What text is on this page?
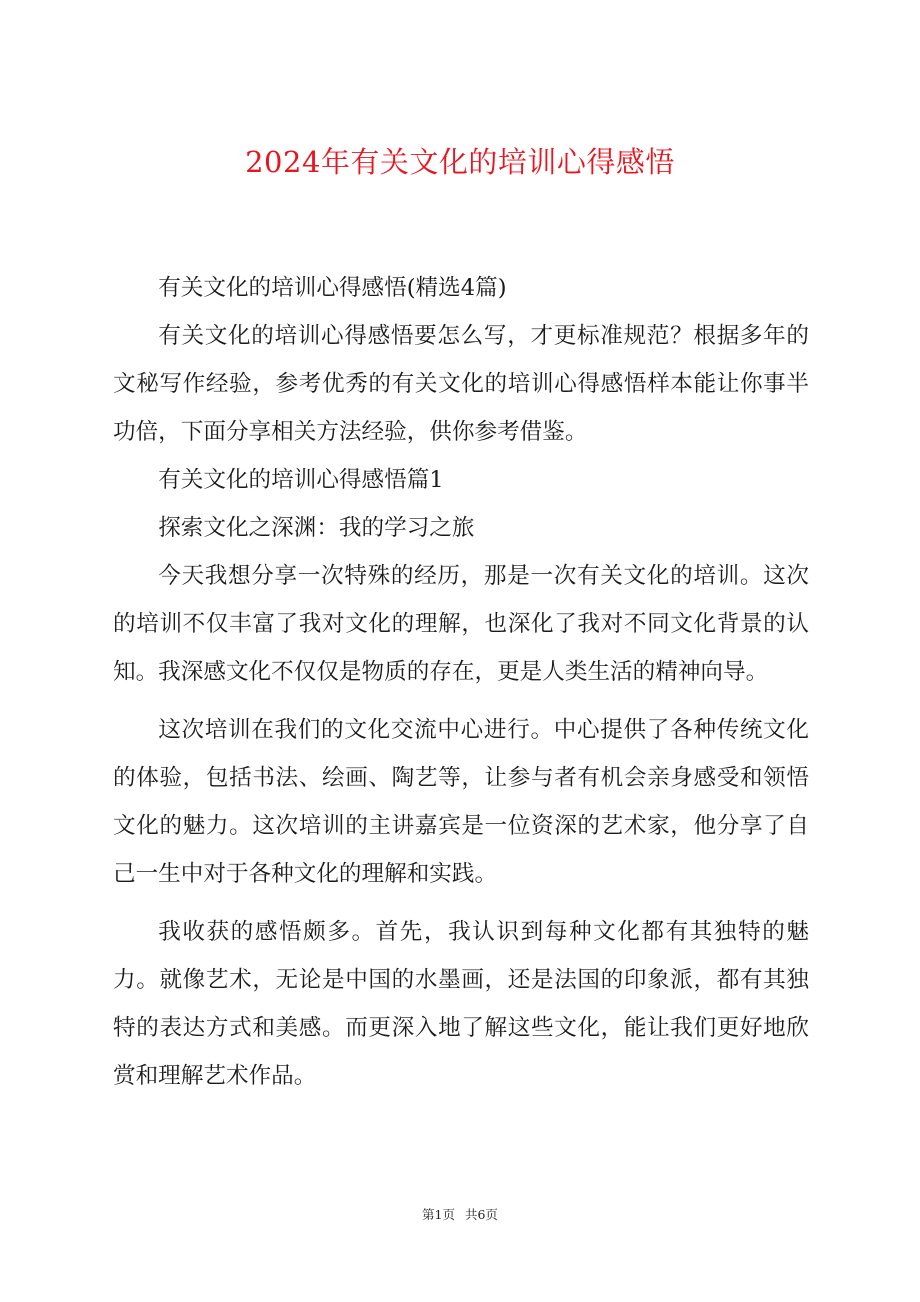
2024年有关文化的培训心得感悟

有关文化的培训心得感悟(精选4篇)

有关文化的培训心得感悟要怎么写，才更标准规范？根据多年的文秘写作经验，参考优秀的有关文化的培训心得感悟样本能让你事半功倍，下面分享相关方法经验，供你参考借鉴。

有关文化的培训心得感悟篇1

探索文化之深渊：我的学习之旅

今天我想分享一次特殊的经历，那是一次有关文化的培训。这次的培训不仅丰富了我对文化的理解，也深化了我对不同文化背景的认知。我深感文化不仅仅是物质的存在，更是人类生活的精神向导。

这次培训在我们的文化交流中心进行。中心提供了各种传统文化的体验，包括书法、绘画、陶艺等，让参与者有机会亲身感受和领悟文化的魅力。这次培训的主讲嘉宾是一位资深的艺术家，他分享了自己一生中对于各种文化的理解和实践。

我收获的感悟颇多。首先，我认识到每种文化都有其独特的魅力。就像艺术，无论是中国的水墨画，还是法国的印象派，都有其独特的表达方式和美感。而更深入地了解这些文化，能让我们更好地欣赏和理解艺术作品。

第1页 共6页
